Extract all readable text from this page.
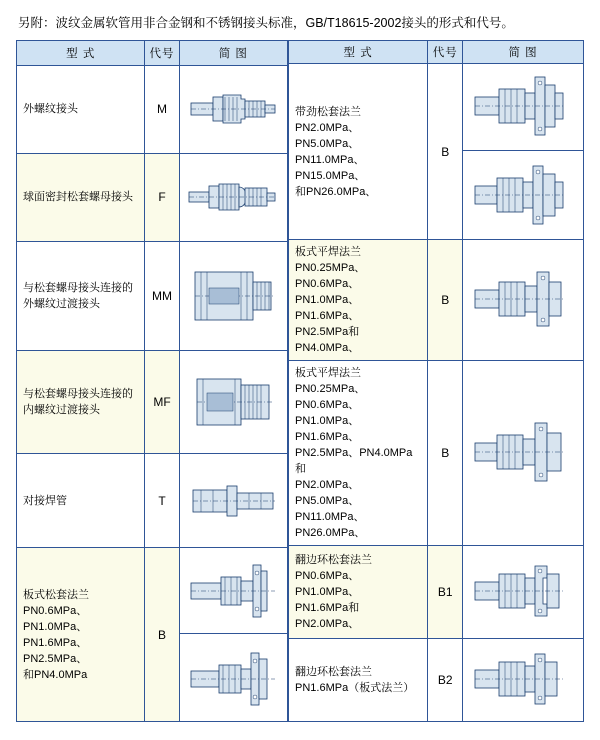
另附：波纹金属软管用非合金钢和不锈钢接头标准，GB/T18615-2002接头的形式和代号。
型 式	代号	简 图
外螺纹接头	M	

球面密封松套螺母接头	F	

与松套螺母接头连接的外螺纹过渡接头	MM	

与松套螺母接头连接的内螺纹过渡接头	MF	

对接焊管	T	

板式松套法兰
PN0.6MPa、PN1.0MPa、
PN1.6MPa、PN2.5MPa、
和PN4.0MPa	B	

型 式	代号	简 图
带劲松套法兰
PN2.0MPa、PN5.0MPa、
PN11.0MPa、PN15.0MPa、
和PN26.0MPa、	B	

板式平焊法兰
PN0.25MPa、PN0.6MPa、
PN1.0MPa、PN1.6MPa、
PN2.5MPa和PN4.0MPa、	B	

板式平焊法兰
PN0.25MPa、PN0.6MPa、
PN1.0MPa、PN1.6MPa、
PN2.5MPa、PN4.0MPa 和
PN2.0MPa、PN5.0MPa、
PN11.0MPa、PN26.0MPa、	B	

翻边环松套法兰
PN0.6MPa、PN1.0MPa、
PN1.6MPa和PN2.0MPa、	B1	

翻边环松套法兰
PN1.6MPa（板式法兰）	B2	
